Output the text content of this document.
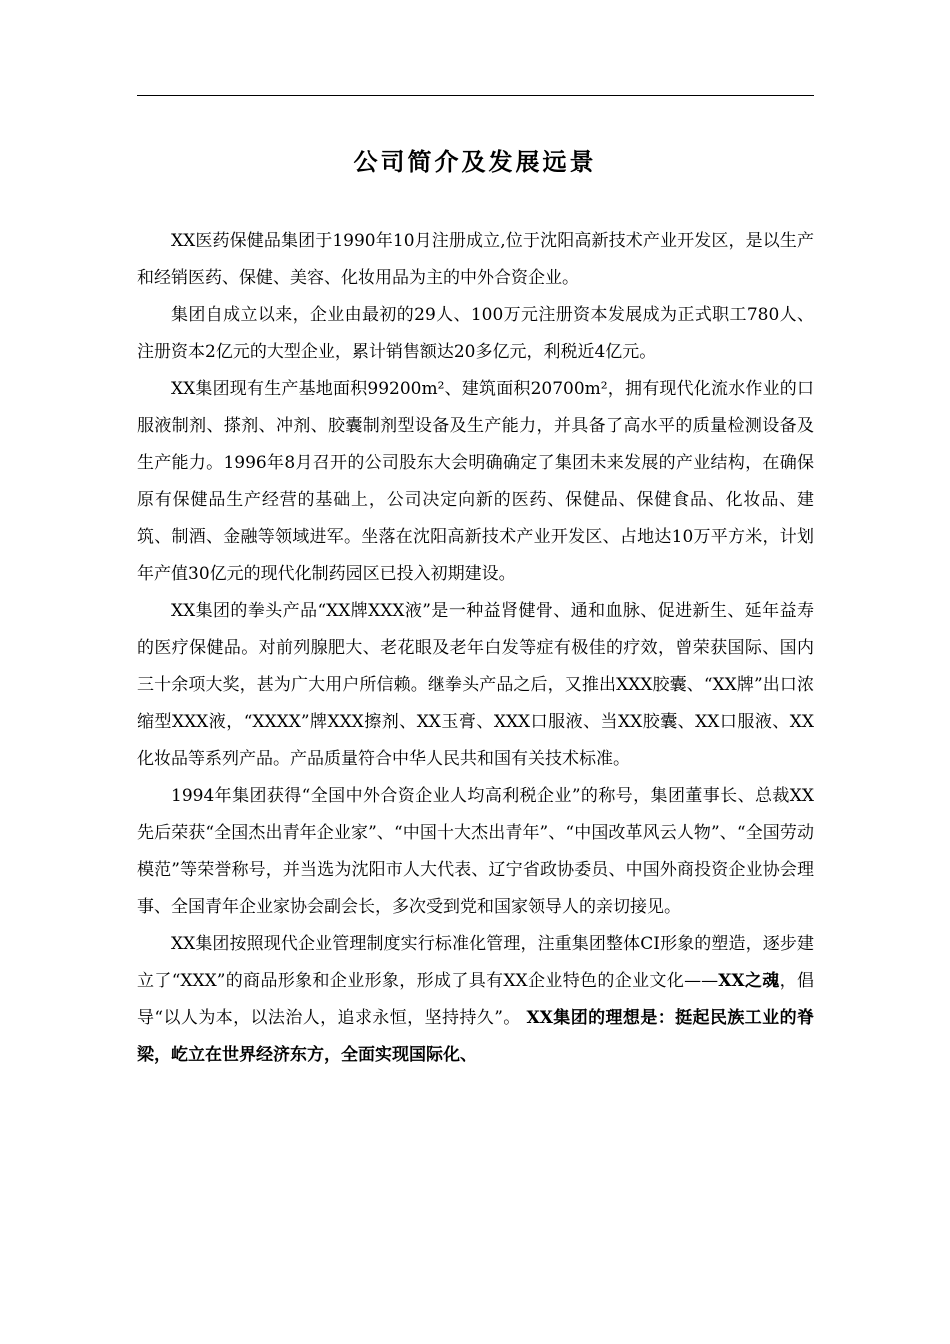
公司简介及发展远景

XX医药保健品集团于1990年10月注册成立,位于沈阳高新技术产业开发区，是以生产和经销医药、保健、美容、化妆用品为主的中外合资企业。

集团自成立以来，企业由最初的29人、100万元注册资本发展成为正式职工780人、注册资本2亿元的大型企业，累计销售额达20多亿元，利税近4亿元。

XX集团现有生产基地面积99200m²、建筑面积20700m²，拥有现代化流水作业的口服液制剂、搽剂、冲剂、胶囊制剂型设备及生产能力，并具备了高水平的质量检测设备及生产能力。1996年8月召开的公司股东大会明确确定了集团未来发展的产业结构，在确保原有保健品生产经营的基础上，公司决定向新的医药、保健品、保健食品、化妆品、建筑、制酒、金融等领域进军。坐落在沈阳高新技术产业开发区、占地达10万平方米，计划年产值30亿元的现代化制药园区已投入初期建设。

XX集团的拳头产品“XX牌XXX液”是一种益肾健骨、通和血脉、促进新生、延年益寿的医疗保健品。对前列腺肥大、老花眼及老年白发等症有极佳的疗效，曾荣获国际、国内三十余项大奖，甚为广大用户所信赖。继拳头产品之后，又推出XXX胶囊、“XX牌”出口浓缩型XXX液，“XXXX”牌XXX擦剂、XX玉膏、XXX口服液、当XX胶囊、XX口服液、XX化妆品等系列产品。产品质量符合中华人民共和国有关技术标准。

1994年集团获得“全国中外合资企业人均高利税企业”的称号，集团董事长、总裁XX先后荣获“全国杰出青年企业家”、“中国十大杰出青年”、“中国改革风云人物”、“全国劳动模范”等荣誉称号，并当选为沈阳市人大代表、辽宁省政协委员、中国外商投资企业协会理事、全国青年企业家协会副会长，多次受到党和国家领导人的亲切接见。

XX集团按照现代企业管理制度实行标准化管理，注重集团整体CI形象的塑造，逐步建立了“XXX”的商品形象和企业形象，形成了具有XX企业特色的企业文化——XX之魂，倡导“以人为本，以法治人，追求永恒，坚持持久”。 XX集团的理想是：挺起民族工业的脊梁，屹立在世界经济东方，全面实现国际化、
